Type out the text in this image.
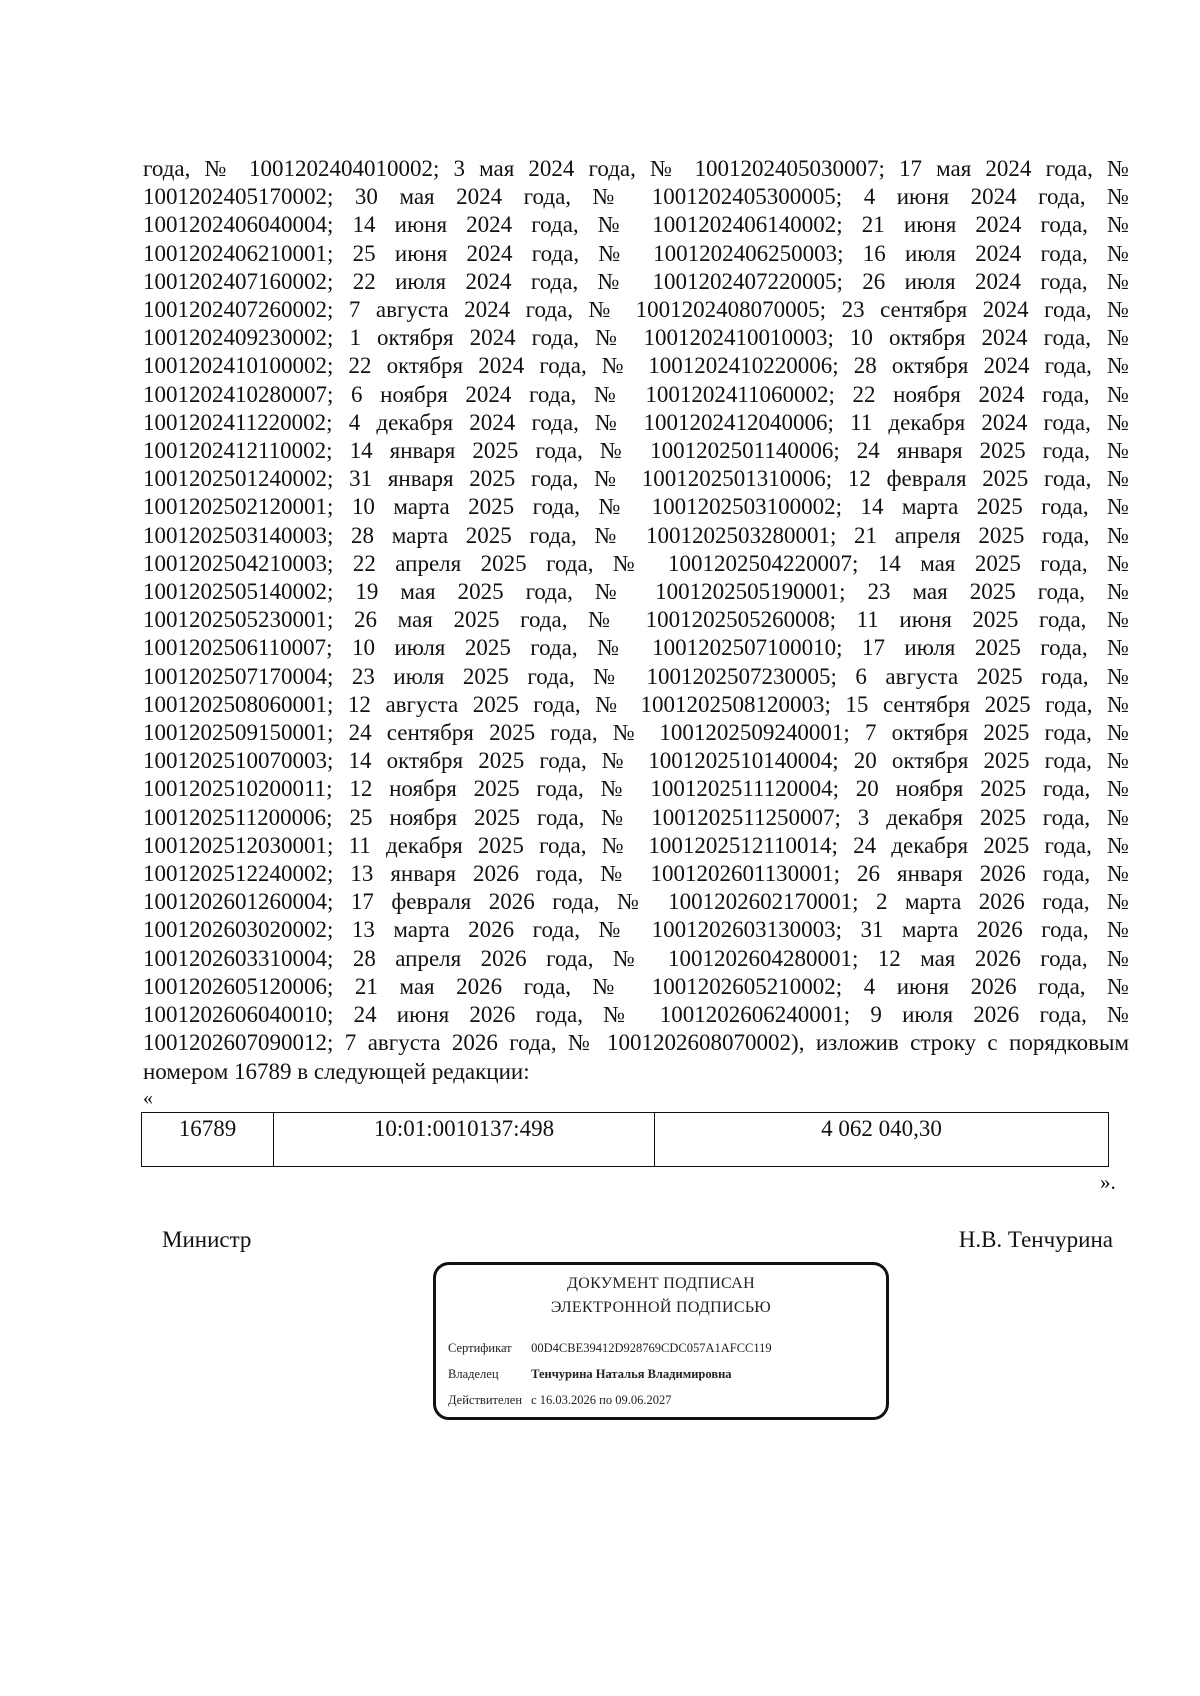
года, № 1001202404010002; 3 мая 2024 года, № 1001202405030007; 17 мая 2024 года, № 1001202405170002; 30 мая 2024 года, № 1001202405300005; 4 июня 2024 года, № 1001202406040004; 14 июня 2024 года, № 1001202406140002; 21 июня 2024 года, № 1001202406210001; 25 июня 2024 года, № 1001202406250003; 16 июля 2024 года, № 1001202407160002; 22 июля 2024 года, № 1001202407220005; 26 июля 2024 года, № 1001202407260002; 7 августа 2024 года, № 1001202408070005; 23 сентября 2024 года, № 1001202409230002; 1 октября 2024 года, № 1001202410010003; 10 октября 2024 года, № 1001202410100002; 22 октября 2024 года, № 1001202410220006; 28 октября 2024 года, № 1001202410280007; 6 ноября 2024 года, № 1001202411060002; 22 ноября 2024 года, № 1001202411220002; 4 декабря 2024 года, № 1001202412040006; 11 декабря 2024 года, № 1001202412110002; 14 января 2025 года, № 1001202501140006; 24 января 2025 года, № 1001202501240002; 31 января 2025 года, № 1001202501310006; 12 февраля 2025 года, № 1001202502120001; 10 марта 2025 года, № 1001202503100002; 14 марта 2025 года, № 1001202503140003; 28 марта 2025 года, № 1001202503280001; 21 апреля 2025 года, № 1001202504210003; 22 апреля 2025 года, № 1001202504220007; 14 мая 2025 года, № 1001202505140002; 19 мая 2025 года, № 1001202505190001; 23 мая 2025 года, № 1001202505230001; 26 мая 2025 года, № 1001202505260008; 11 июня 2025 года, № 1001202506110007; 10 июля 2025 года, № 1001202507100010; 17 июля 2025 года, № 1001202507170004; 23 июля 2025 года, № 1001202507230005; 6 августа 2025 года, № 1001202508060001; 12 августа 2025 года, № 1001202508120003; 15 сентября 2025 года, № 1001202509150001; 24 сентября 2025 года, № 1001202509240001; 7 октября 2025 года, № 1001202510070003; 14 октября 2025 года, № 1001202510140004; 20 октября 2025 года, № 1001202510200011; 12 ноября 2025 года, № 1001202511120004; 20 ноября 2025 года, № 1001202511200006; 25 ноября 2025 года, № 1001202511250007; 3 декабря 2025 года, № 1001202512030001; 11 декабря 2025 года, № 1001202512110014; 24 декабря 2025 года, № 1001202512240002; 13 января 2026 года, № 1001202601130001; 26 января 2026 года, № 1001202601260004; 17 февраля 2026 года, № 1001202602170001; 2 марта 2026 года, № 1001202603020002; 13 марта 2026 года, № 1001202603130003; 31 марта 2026 года, № 1001202603310004; 28 апреля 2026 года, № 1001202604280001; 12 мая 2026 года, № 1001202605120006; 21 мая 2026 года, № 1001202605210002; 4 июня 2026 года, № 1001202606040010; 24 июня 2026 года, № 1001202606240001; 9 июля 2026 года, № 1001202607090012; 7 августа 2026 года, № 1001202608070002), изложив строку с порядковым номером 16789 в следующей редакции:

«
16789	10:01:0010137:498	4 062 040,30
».
Министр	Н.В. Тенчурина
ДОКУМЕНТ ПОДПИСАН
ЭЛЕКТРОННОЙ ПОДПИСЬЮ
Сертификат 00D4CBE39412D928769CDC057A1AFCC119
Владелец	Тенчурина Наталья Владимировна
Действителен с 16.03.2026 по 09.06.2027
